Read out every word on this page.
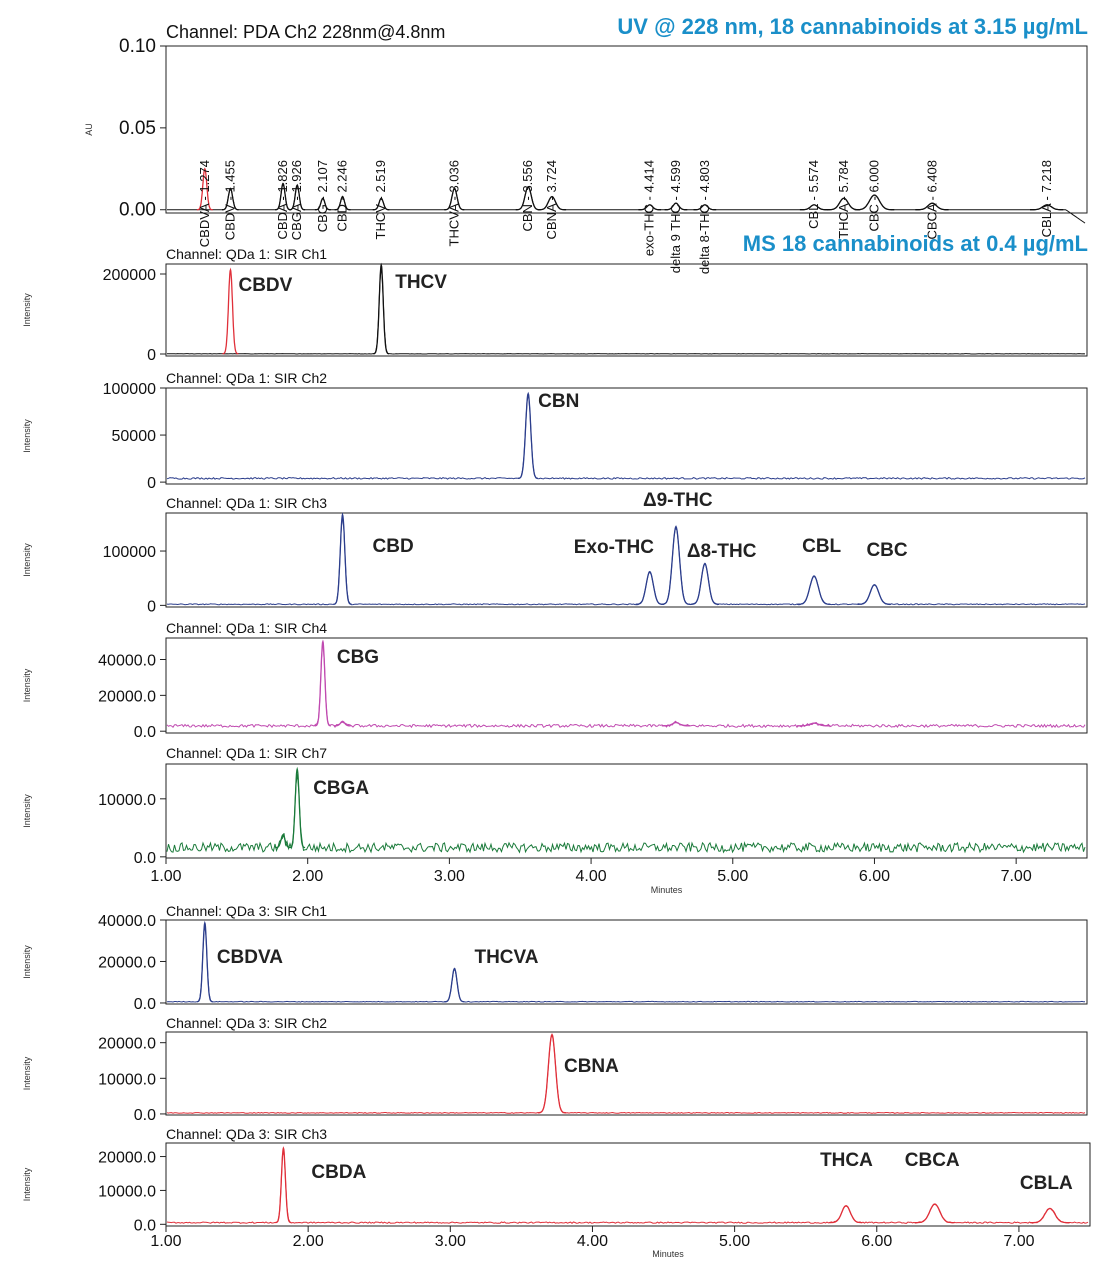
UV @ 228 nm, 18 cannabinoids at 3.15 µg/mL
MS 18 cannabinoids at 0.4 µg/mL
Channel: PDA Ch2 228nm@4.8nm
AU
0.00
0.05
0.10
CBDVA - 1.274 CBDV - 1.455	CBDA - 1.826 CBGA - 1.926 CBG - 2.107 CBD - 2.246 THCV - 2.519	THCVA - 3.036	CBN - 3.556 CBNA - 3.724	exo-THC - 4.414 delta 9 THC - 4.599 delta 8-THC - 4.803	CBL - 5.574 THCA - 5.784 CBC - 6.000	CBCA - 6.408	CBLA - 7.218
Channel: QDa 1: SIR Ch1
Intensity
0
200000	CBDV	THCV
Channel: QDa 1: SIR Ch2
Intensity
0
50000
100000
CBN
Channel: QDa 1: SIR Ch3
Intensity
0
100000	CBD	Exo-THC
Δ9-THC
Δ8-THC CBL CBC
Channel: QDa 1: SIR Ch4
Intensity
0.0
20000.0
40000.0	CBG
Channel: QDa 1: SIR Ch7
Intensity
0.0
10000.0
1.00	2.00	3.00	4.00	5.00	6.00	7.00
Minutes
CBGA
Channel: QDa 3: SIR Ch1
Intensity
0.0
20000.0
40000.0
CBDVA	THCVA
Channel: QDa 3: SIR Ch2
Intensity
0.0
10000.0
20000.0
CBNA
Channel: QDa 3: SIR Ch3
Intensity
0.0
10000.0
20000.0
1.00	2.00	3.00	4.00	5.00	6.00	7.00
Minutes
CBDA
THCA CBCA
CBLA
